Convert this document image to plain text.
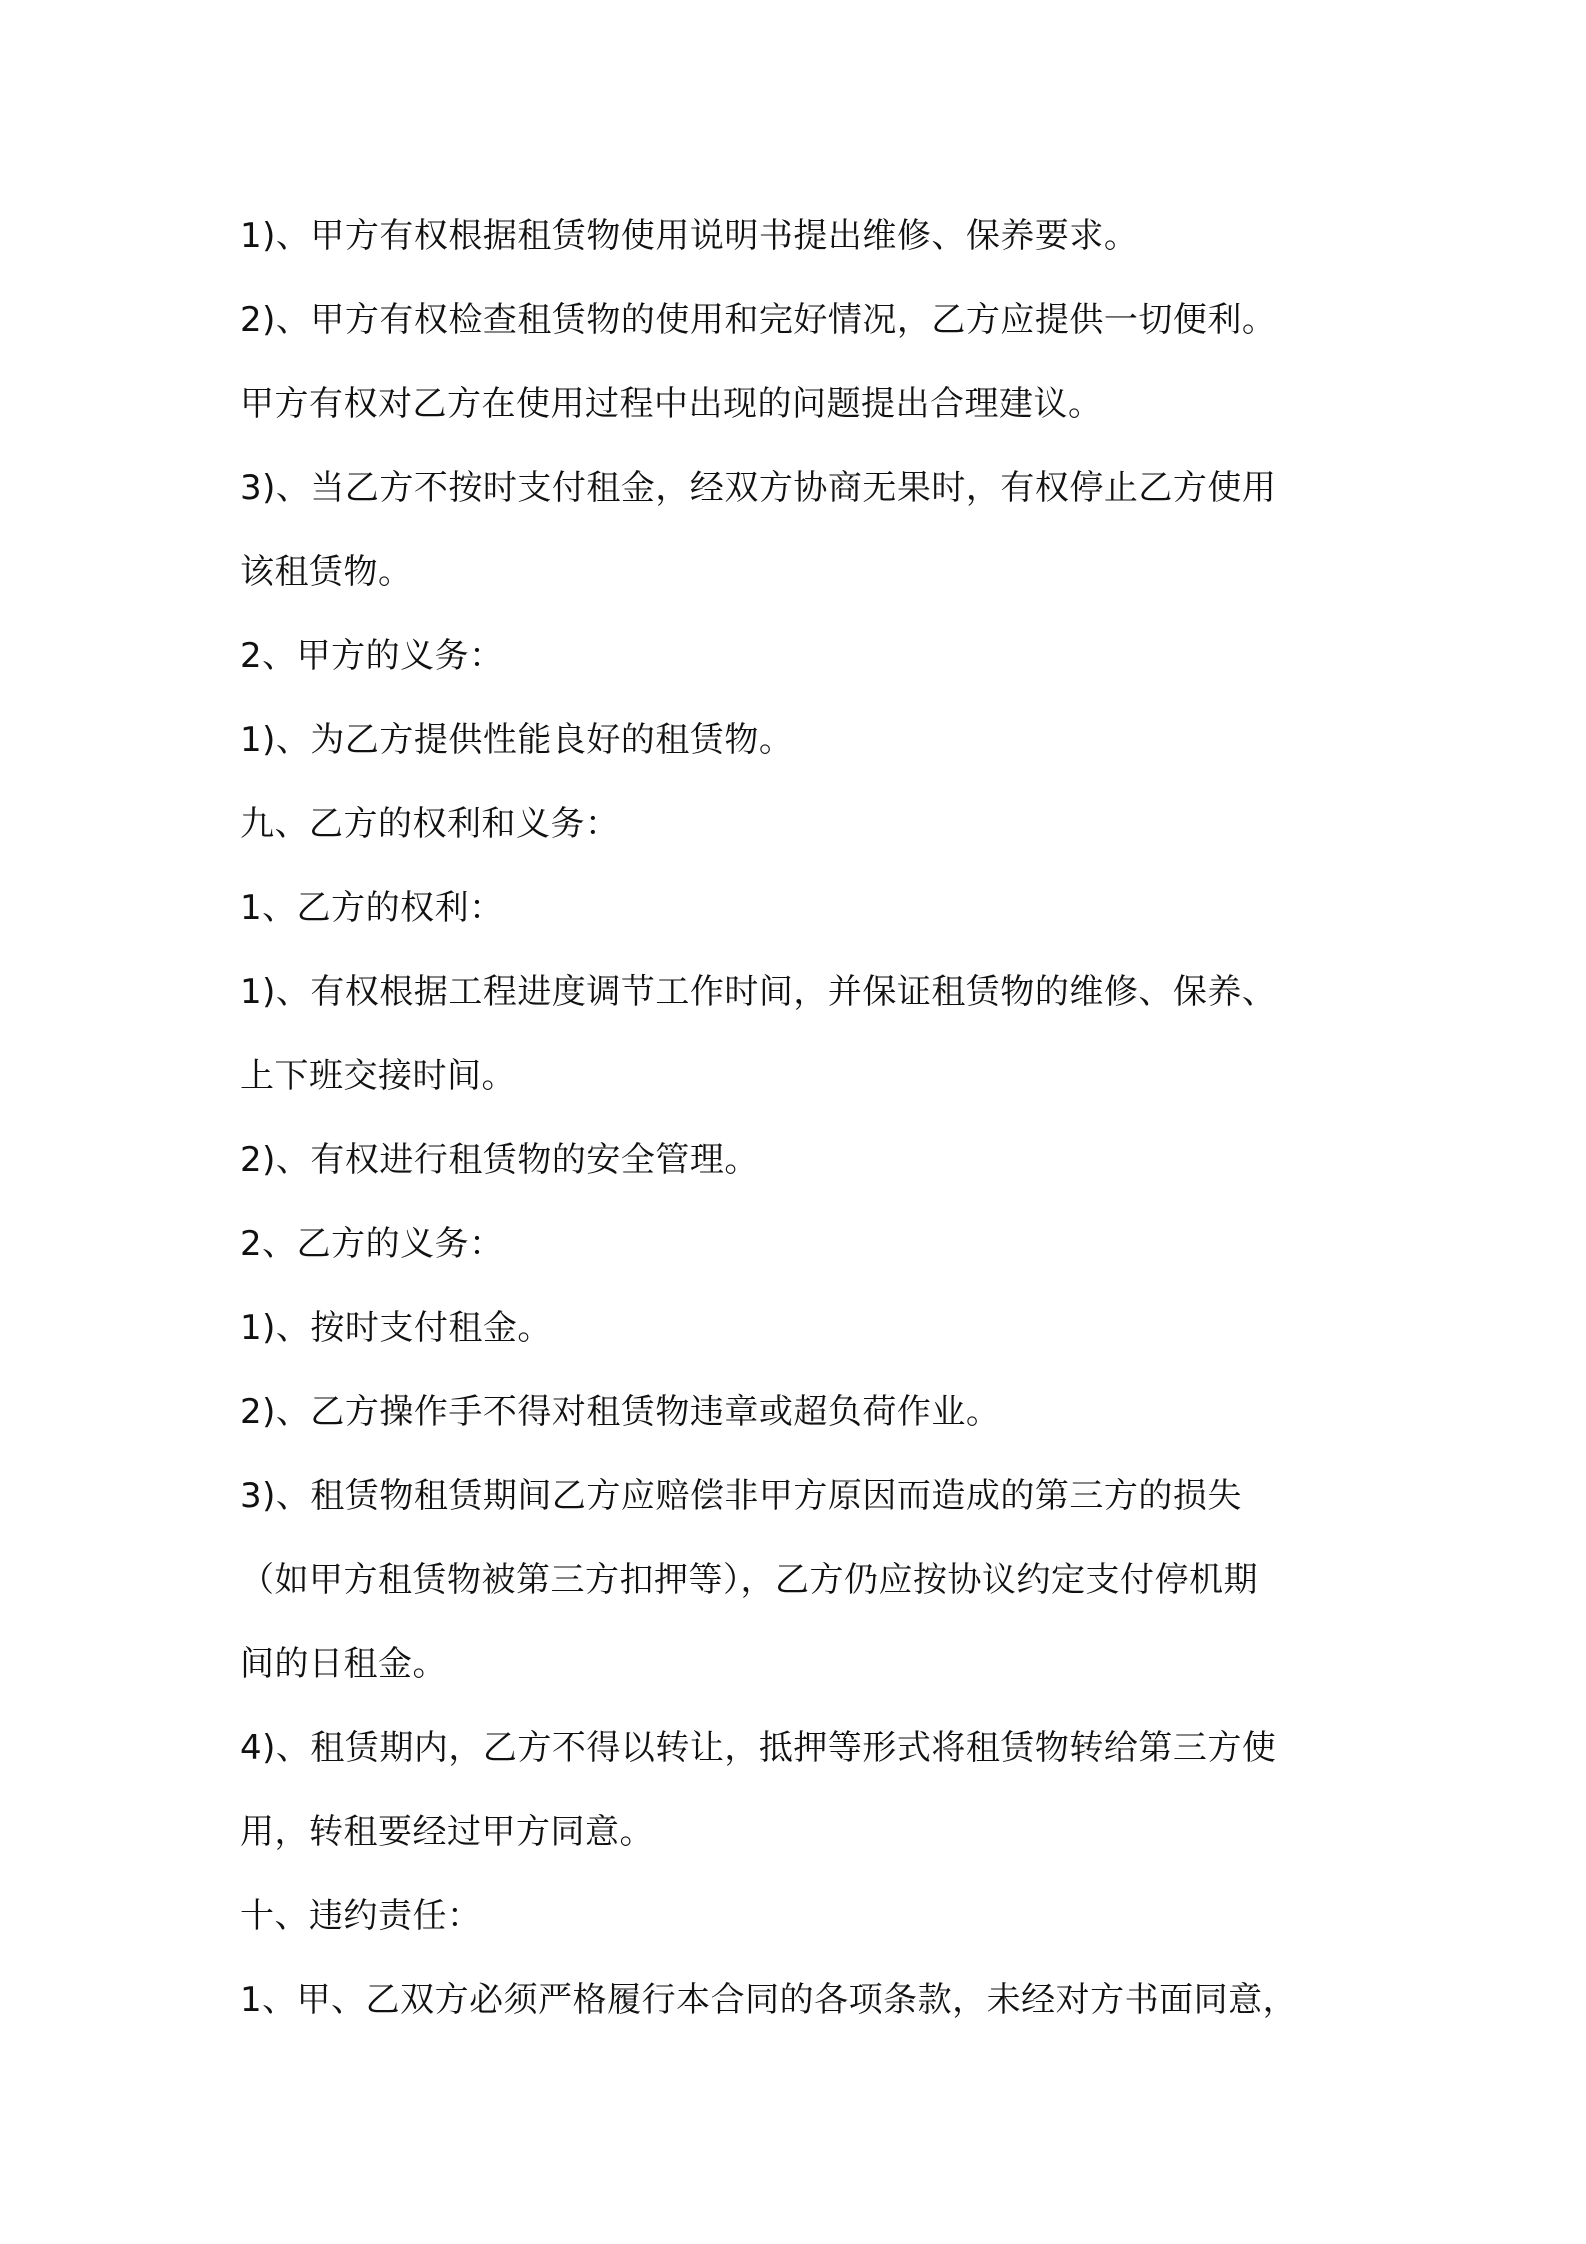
1)、甲方有权根据租赁物使用说明书提出维修、保养要求。
2)、甲方有权检查租赁物的使用和完好情况，乙方应提供一切便利。
甲方有权对乙方在使用过程中出现的问题提出合理建议。
3)、当乙方不按时支付租金，经双方协商无果时，有权停止乙方使用
该租赁物。
2、甲方的义务：
1)、为乙方提供性能良好的租赁物。
九、乙方的权利和义务：
1、乙方的权利：
1)、有权根据工程进度调节工作时间，并保证租赁物的维修、保养、
上下班交接时间。
2)、有权进行租赁物的安全管理。
2、乙方的义务：
1)、按时支付租金。
2)、乙方操作手不得对租赁物违章或超负荷作业。
3)、租赁物租赁期间乙方应赔偿非甲方原因而造成的第三方的损失
（如甲方租赁物被第三方扣押等），乙方仍应按协议约定支付停机期
间的日租金。
4)、租赁期内，乙方不得以转让，抵押等形式将租赁物转给第三方使
用，转租要经过甲方同意。
十、违约责任：
1、甲、乙双方必须严格履行本合同的各项条款，未经对方书面同意，
